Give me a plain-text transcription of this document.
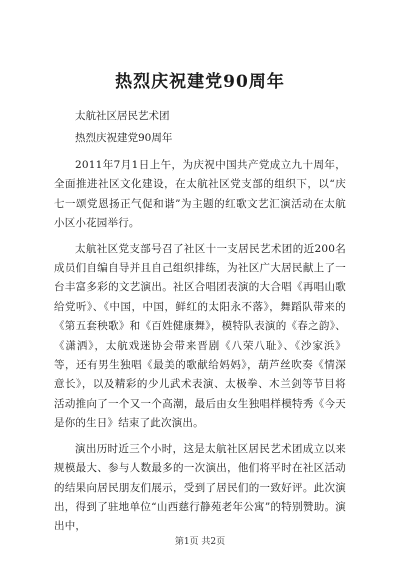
热烈庆祝建党90周年

太航社区居民艺术团

热烈庆祝建党90周年

2011年7月1日上午，为庆祝中国共产党成立九十周年，全面推进社区文化建设，在太航社区党支部的组织下，以“庆七一颂党恩扬正气促和谐”为主题的红歌文艺汇演活动在太航小区小花园举行。

太航社区党支部号召了社区十一支居民艺术团的近200名成员们自编自导并且自己组织排练，为社区广大居民献上了一台丰富多彩的文艺演出。社区合唱团表演的大合唱《再唱山歌给党听》、《中国，中国，鲜红的太阳永不落》，舞蹈队带来的《第五套秧歌》和《百姓健康舞》，模特队表演的《春之韵》、《潇洒》，太航戏迷协会带来晋剧《八荣八耻》、《沙家浜》等，还有男生独唱《最美的歌献给妈妈》，葫芦丝吹奏《情深意长》，以及精彩的少儿武术表演、太极拳、木兰剑等节目将活动推向了一个又一个高潮，最后由女生独唱样模特秀《今天是你的生日》结束了此次演出。

演出历时近三个小时，这是太航社区居民艺术团成立以来规模最大、参与人数最多的一次演出，他们将平时在社区活动的结果向居民朋友们展示，受到了居民们的一致好评。此次演出，得到了驻地单位“山西慈行静苑老年公寓”的特别赞助。演出中，

第1页 共2页
